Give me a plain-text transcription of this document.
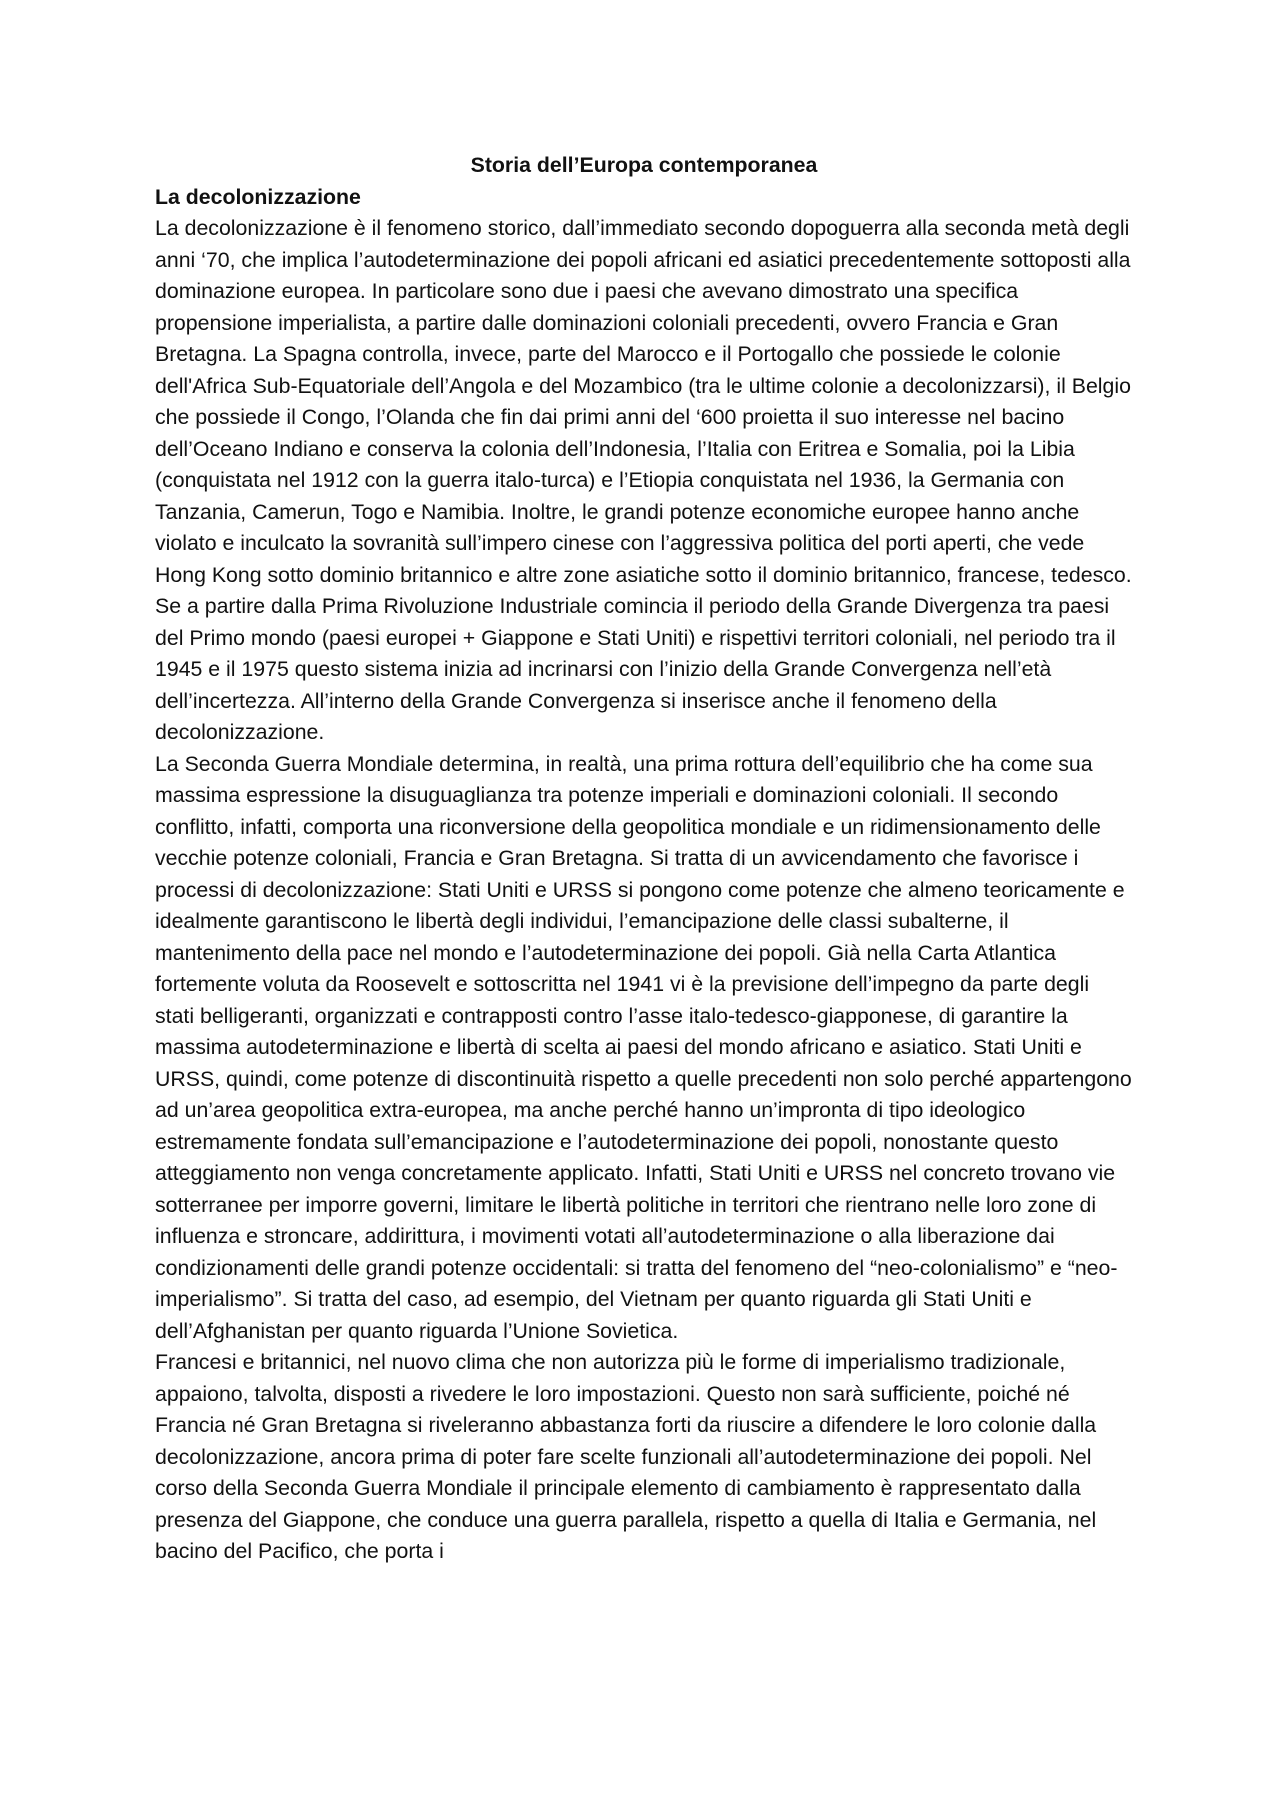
Storia dell’Europa contemporanea
La decolonizzazione

La decolonizzazione è il fenomeno storico, dall’immediato secondo dopoguerra alla seconda metà degli anni ‘70, che implica l’autodeterminazione dei popoli africani ed asiatici precedentemente sottoposti alla dominazione europea. In particolare sono due i paesi che avevano dimostrato una specifica propensione imperialista, a partire dalle dominazioni coloniali precedenti, ovvero Francia e Gran Bretagna. La Spagna controlla, invece, parte del Marocco e il Portogallo che possiede le colonie dell'Africa Sub-Equatoriale dell’Angola e del Mozambico (tra le ultime colonie a decolonizzarsi), il Belgio che possiede il Congo, l’Olanda che fin dai primi anni del ‘600 proietta il suo interesse nel bacino dell’Oceano Indiano e conserva la colonia dell’Indonesia, l’Italia con Eritrea e Somalia, poi la Libia (conquistata nel 1912 con la guerra italo-turca) e l’Etiopia conquistata nel 1936, la Germania con Tanzania, Camerun, Togo e Namibia. Inoltre, le grandi potenze economiche europee hanno anche violato e inculcato la sovranità sull’impero cinese con l’aggressiva politica del porti aperti, che vede Hong Kong sotto dominio britannico e altre zone asiatiche sotto il dominio britannico, francese, tedesco. Se a partire dalla Prima Rivoluzione Industriale comincia il periodo della Grande Divergenza tra paesi del Primo mondo (paesi europei + Giappone e Stati Uniti) e rispettivi territori coloniali, nel periodo tra il 1945 e il 1975 questo sistema inizia ad incrinarsi con l’inizio della Grande Convergenza nell’età dell’incertezza. All’interno della Grande Convergenza si inserisce anche il fenomeno della decolonizzazione.

La Seconda Guerra Mondiale determina, in realtà, una prima rottura dell’equilibrio che ha come sua massima espressione la disuguaglianza tra potenze imperiali e dominazioni coloniali. Il secondo conflitto, infatti, comporta una riconversione della geopolitica mondiale e un ridimensionamento delle vecchie potenze coloniali, Francia e Gran Bretagna. Si tratta di un avvicendamento che favorisce i processi di decolonizzazione: Stati Uniti e URSS si pongono come potenze che almeno teoricamente e idealmente garantiscono le libertà degli individui, l’emancipazione delle classi subalterne, il mantenimento della pace nel mondo e l’autodeterminazione dei popoli. Già nella Carta Atlantica fortemente voluta da Roosevelt e sottoscritta nel 1941 vi è la previsione dell’impegno da parte degli stati belligeranti, organizzati e contrapposti contro l’asse italo-tedesco-giapponese, di garantire la massima autodeterminazione e libertà di scelta ai paesi del mondo africano e asiatico. Stati Uniti e URSS, quindi, come potenze di discontinuità rispetto a quelle precedenti non solo perché appartengono ad un’area geopolitica extra-europea, ma anche perché hanno un’impronta di tipo ideologico estremamente fondata sull’emancipazione e l’autodeterminazione dei popoli, nonostante questo atteggiamento non venga concretamente applicato. Infatti, Stati Uniti e URSS nel concreto trovano vie sotterranee per imporre governi, limitare le libertà politiche in territori che rientrano nelle loro zone di influenza e stroncare, addirittura, i movimenti votati all’autodeterminazione o alla liberazione dai condizionamenti delle grandi potenze occidentali: si tratta del fenomeno del “neo-colonialismo” e “neo-imperialismo”. Si tratta del caso, ad esempio, del Vietnam per quanto riguarda gli Stati Uniti e dell’Afghanistan per quanto riguarda l’Unione Sovietica.

Francesi e britannici, nel nuovo clima che non autorizza più le forme di imperialismo tradizionale, appaiono, talvolta, disposti a rivedere le loro impostazioni. Questo non sarà sufficiente, poiché né Francia né Gran Bretagna si riveleranno abbastanza forti da riuscire a difendere le loro colonie dalla decolonizzazione, ancora prima di poter fare scelte funzionali all’autodeterminazione dei popoli. Nel corso della Seconda Guerra Mondiale il principale elemento di cambiamento è rappresentato dalla presenza del Giappone, che conduce una guerra parallela, rispetto a quella di Italia e Germania, nel bacino del Pacifico, che porta i
